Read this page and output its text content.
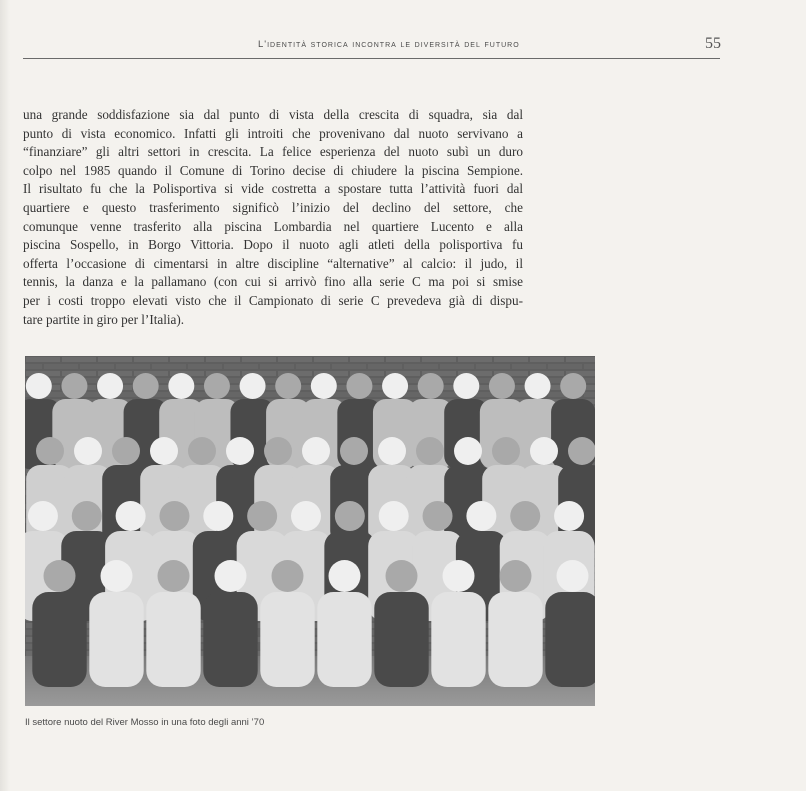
L'identità storica incontra le diversità del futuro	55
una grande soddisfazione sia dal punto di vista della crescita di squadra, sia dal
punto di vista economico. Infatti gli introiti che provenivano dal nuoto servivano a
“finanziare” gli altri settori in crescita. La felice esperienza del nuoto subì un duro
colpo nel 1985 quando il Comune di Torino decise di chiudere la piscina Sempione.
Il risultato fu che la Polisportiva si vide costretta a spostare tutta l’attività fuori dal
quartiere e questo trasferimento significò l’inizio del declino del settore, che
comunque venne trasferito alla piscina Lombardia nel quartiere Lucento e alla
piscina Sospello, in Borgo Vittoria. Dopo il nuoto agli atleti della polisportiva fu
offerta l’occasione di cimentarsi in altre discipline “alternative” al calcio: il judo, il
tennis, la danza e la pallamano (con cui si arrivò fino alla serie C ma poi si smise
per i costi troppo elevati visto che il Campionato di serie C prevedeva già di dispu-
tare partite in giro per l’Italia).
Il settore nuoto del River Mosso in una foto degli anni ’70
